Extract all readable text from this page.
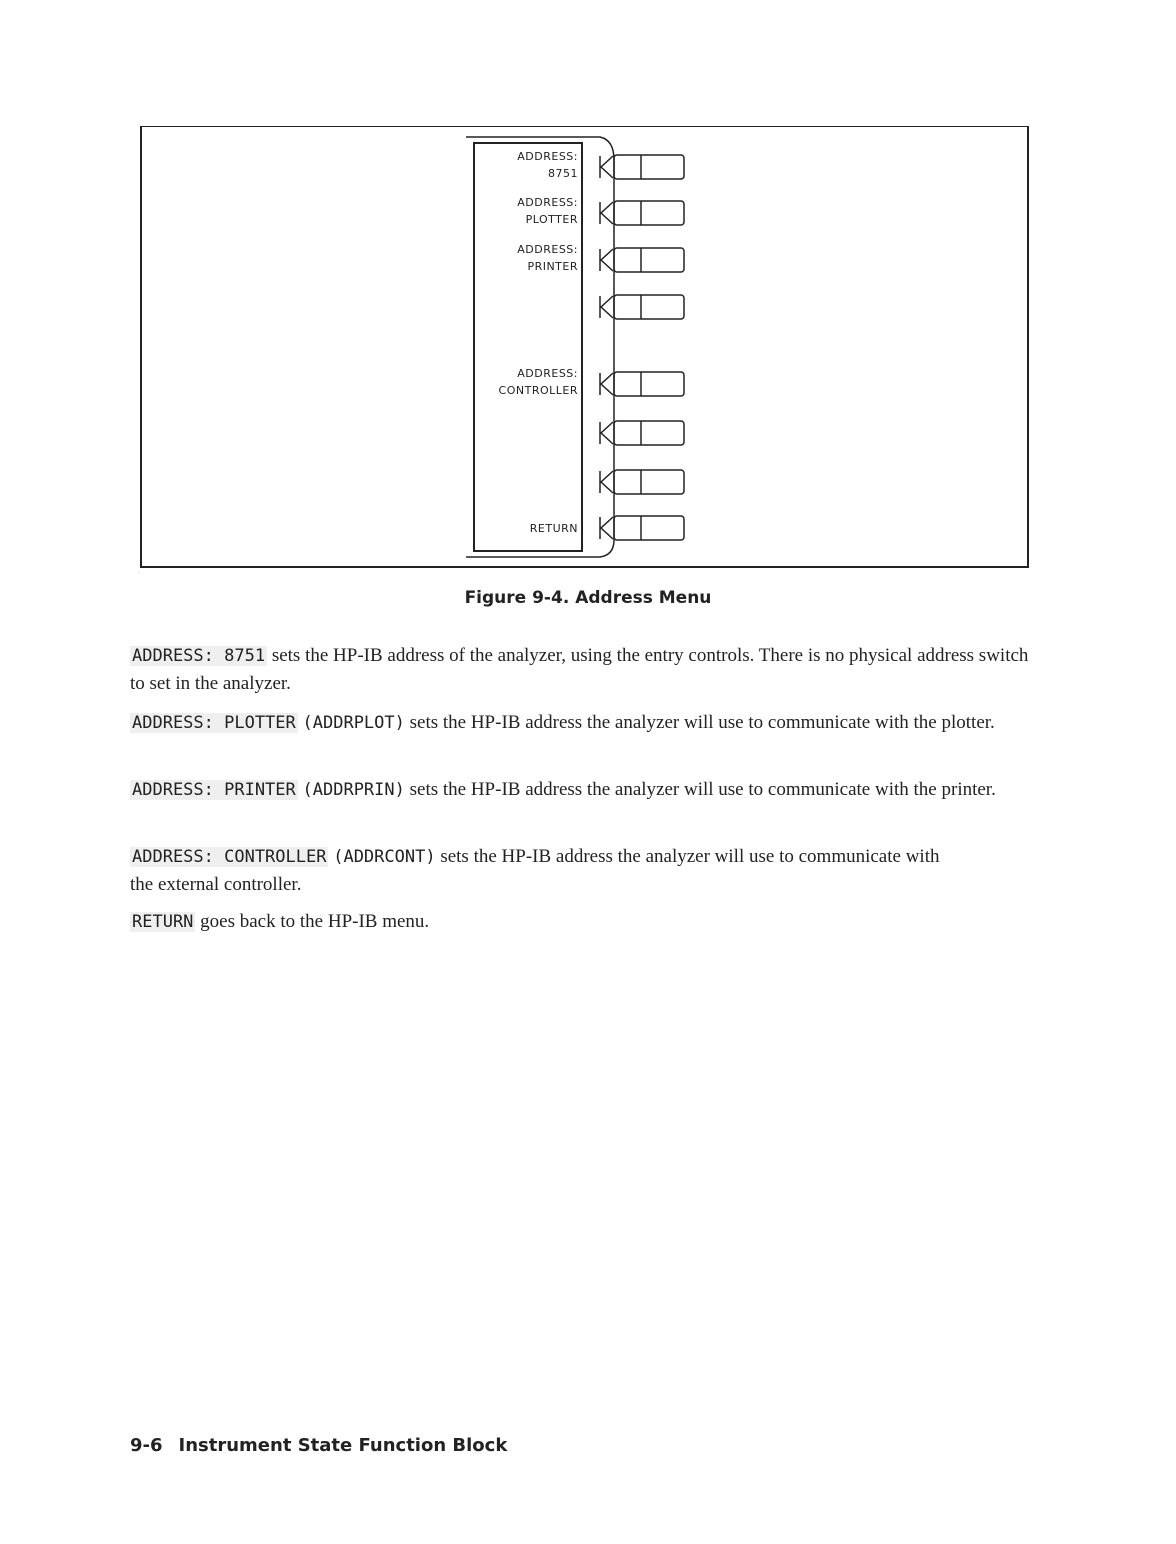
·
ADDRESS:
8751
ADDRESS:
PLOTTER
ADDRESS:
PRINTER
ADDRESS:
CONTROLLER
RETURN
Figure 9-4. Address Menu
ADDRESS: 8751 sets the HP-IB address of the analyzer, using the entry controls. There is no physical address switch to set in the analyzer.
ADDRESS: PLOTTER (ADDRPLOT) sets the HP-IB address the analyzer will use to communicate with the plotter.
ADDRESS: PRINTER (ADDRPRIN) sets the HP-IB address the analyzer will use to communicate with the printer.
ADDRESS: CONTROLLER (ADDRCONT) sets the HP-IB address the analyzer will use to communicate with the external controller.
RETURN goes back to the HP-IB menu.
9-6 Instrument State Function Block
